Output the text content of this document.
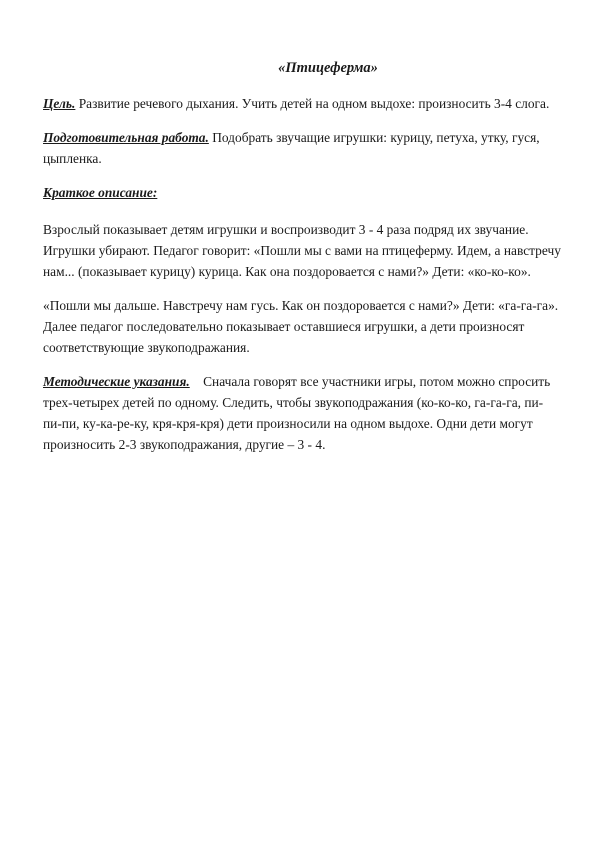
«Птицеферма»

Цель. Развитие речевого дыхания. Учить детей на одном выдохе: произносить 3-4 слога.

Подготовительная работа. Подобрать звучащие игрушки: курицу, петуха, утку, гуся, цыпленка.

Краткое описание:

Взрослый показывает детям игрушки и воспроизводит 3 - 4 раза подряд их звучание. Игрушки убирают. Педагог говорит: «Пошли мы с вами на птицеферму. Идем, а навстречу нам... (показывает курицу) курица. Как она поздоровается с нами?» Дети: «ко-ко-ко».

«Пошли мы дальше. Навстречу нам гусь. Как он поздоровается с нами?» Дети: «га-га-га». Далее педагог последовательно показывает оставшиеся игрушки, а дети произносят соответствующие звукоподражания.

Методические указания.    Сначала говорят все участники игры, потом можно спросить трех-четырех детей по одному. Следить, чтобы звукоподражания (ко-ко-ко, га-га-га, пи-пи-пи, ку-ка-ре-ку, кря-кря-кря) дети произносили на одном выдохе. Одни дети могут произносить 2-3 звукоподражания, другие – 3 - 4.
